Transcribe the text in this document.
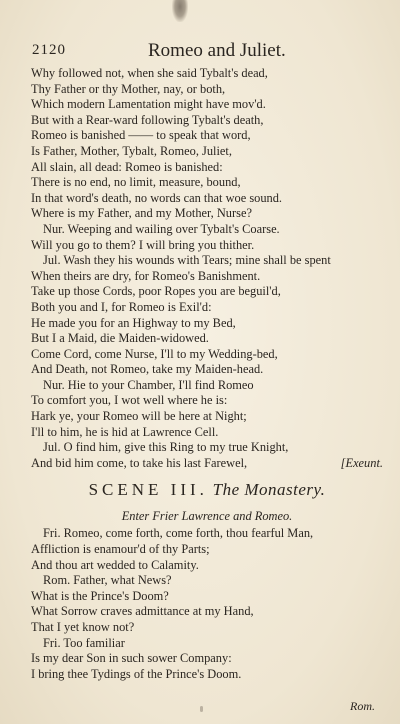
2120	Romeo and Juliet.
Why followed not, when she said Tybalt's dead,
Thy Father or thy Mother, nay, or both,
Which modern Lamentation might have mov'd.
But with a Rear-ward following Tybalt's death,
Romeo is banished —— to speak that word,
Is Father, Mother, Tybalt, Romeo, Juliet,
All slain, all dead: Romeo is banished:
There is no end, no limit, measure, bound,
In that word's death, no words can that woe sound.
Where is my Father, and my Mother, Nurse?
Nur. Weeping and wailing over Tybalt's Coarse.
Will you go to them? I will bring you thither.
Jul. Wash they his wounds with Tears; mine shall be spent
When theirs are dry, for Romeo's Banishment.
Take up those Cords, poor Ropes you are beguil'd,
Both you and I, for Romeo is Exil'd:
He made you for an Highway to my Bed,
But I a Maid, die Maiden-widowed.
Come Cord, come Nurse, I'll to my Wedding-bed,
And Death, not Romeo, take my Maiden-head.
Nur. Hie to your Chamber, I'll find Romeo
To comfort you, I wot well where he is:
Hark ye, your Romeo will be here at Night;
I'll to him, he is hid at Lawrence Cell.
Jul. O find him, give this Ring to my true Knight,
And bid him come, to take his last Farewel,	[Exeunt.
SCENE III. The Monastery.
Enter Frier Lawrence and Romeo.
Fri. Romeo, come forth, come forth, thou fearful Man,
Affliction is enamour'd of thy Parts;
And thou art wedded to Calamity.
Rom. Father, what News?
What is the Prince's Doom?
What Sorrow craves admittance at my Hand,
That I yet know not?
Fri. Too familiar
Is my dear Son in such sower Company:
I bring thee Tydings of the Prince's Doom.
Rom.
